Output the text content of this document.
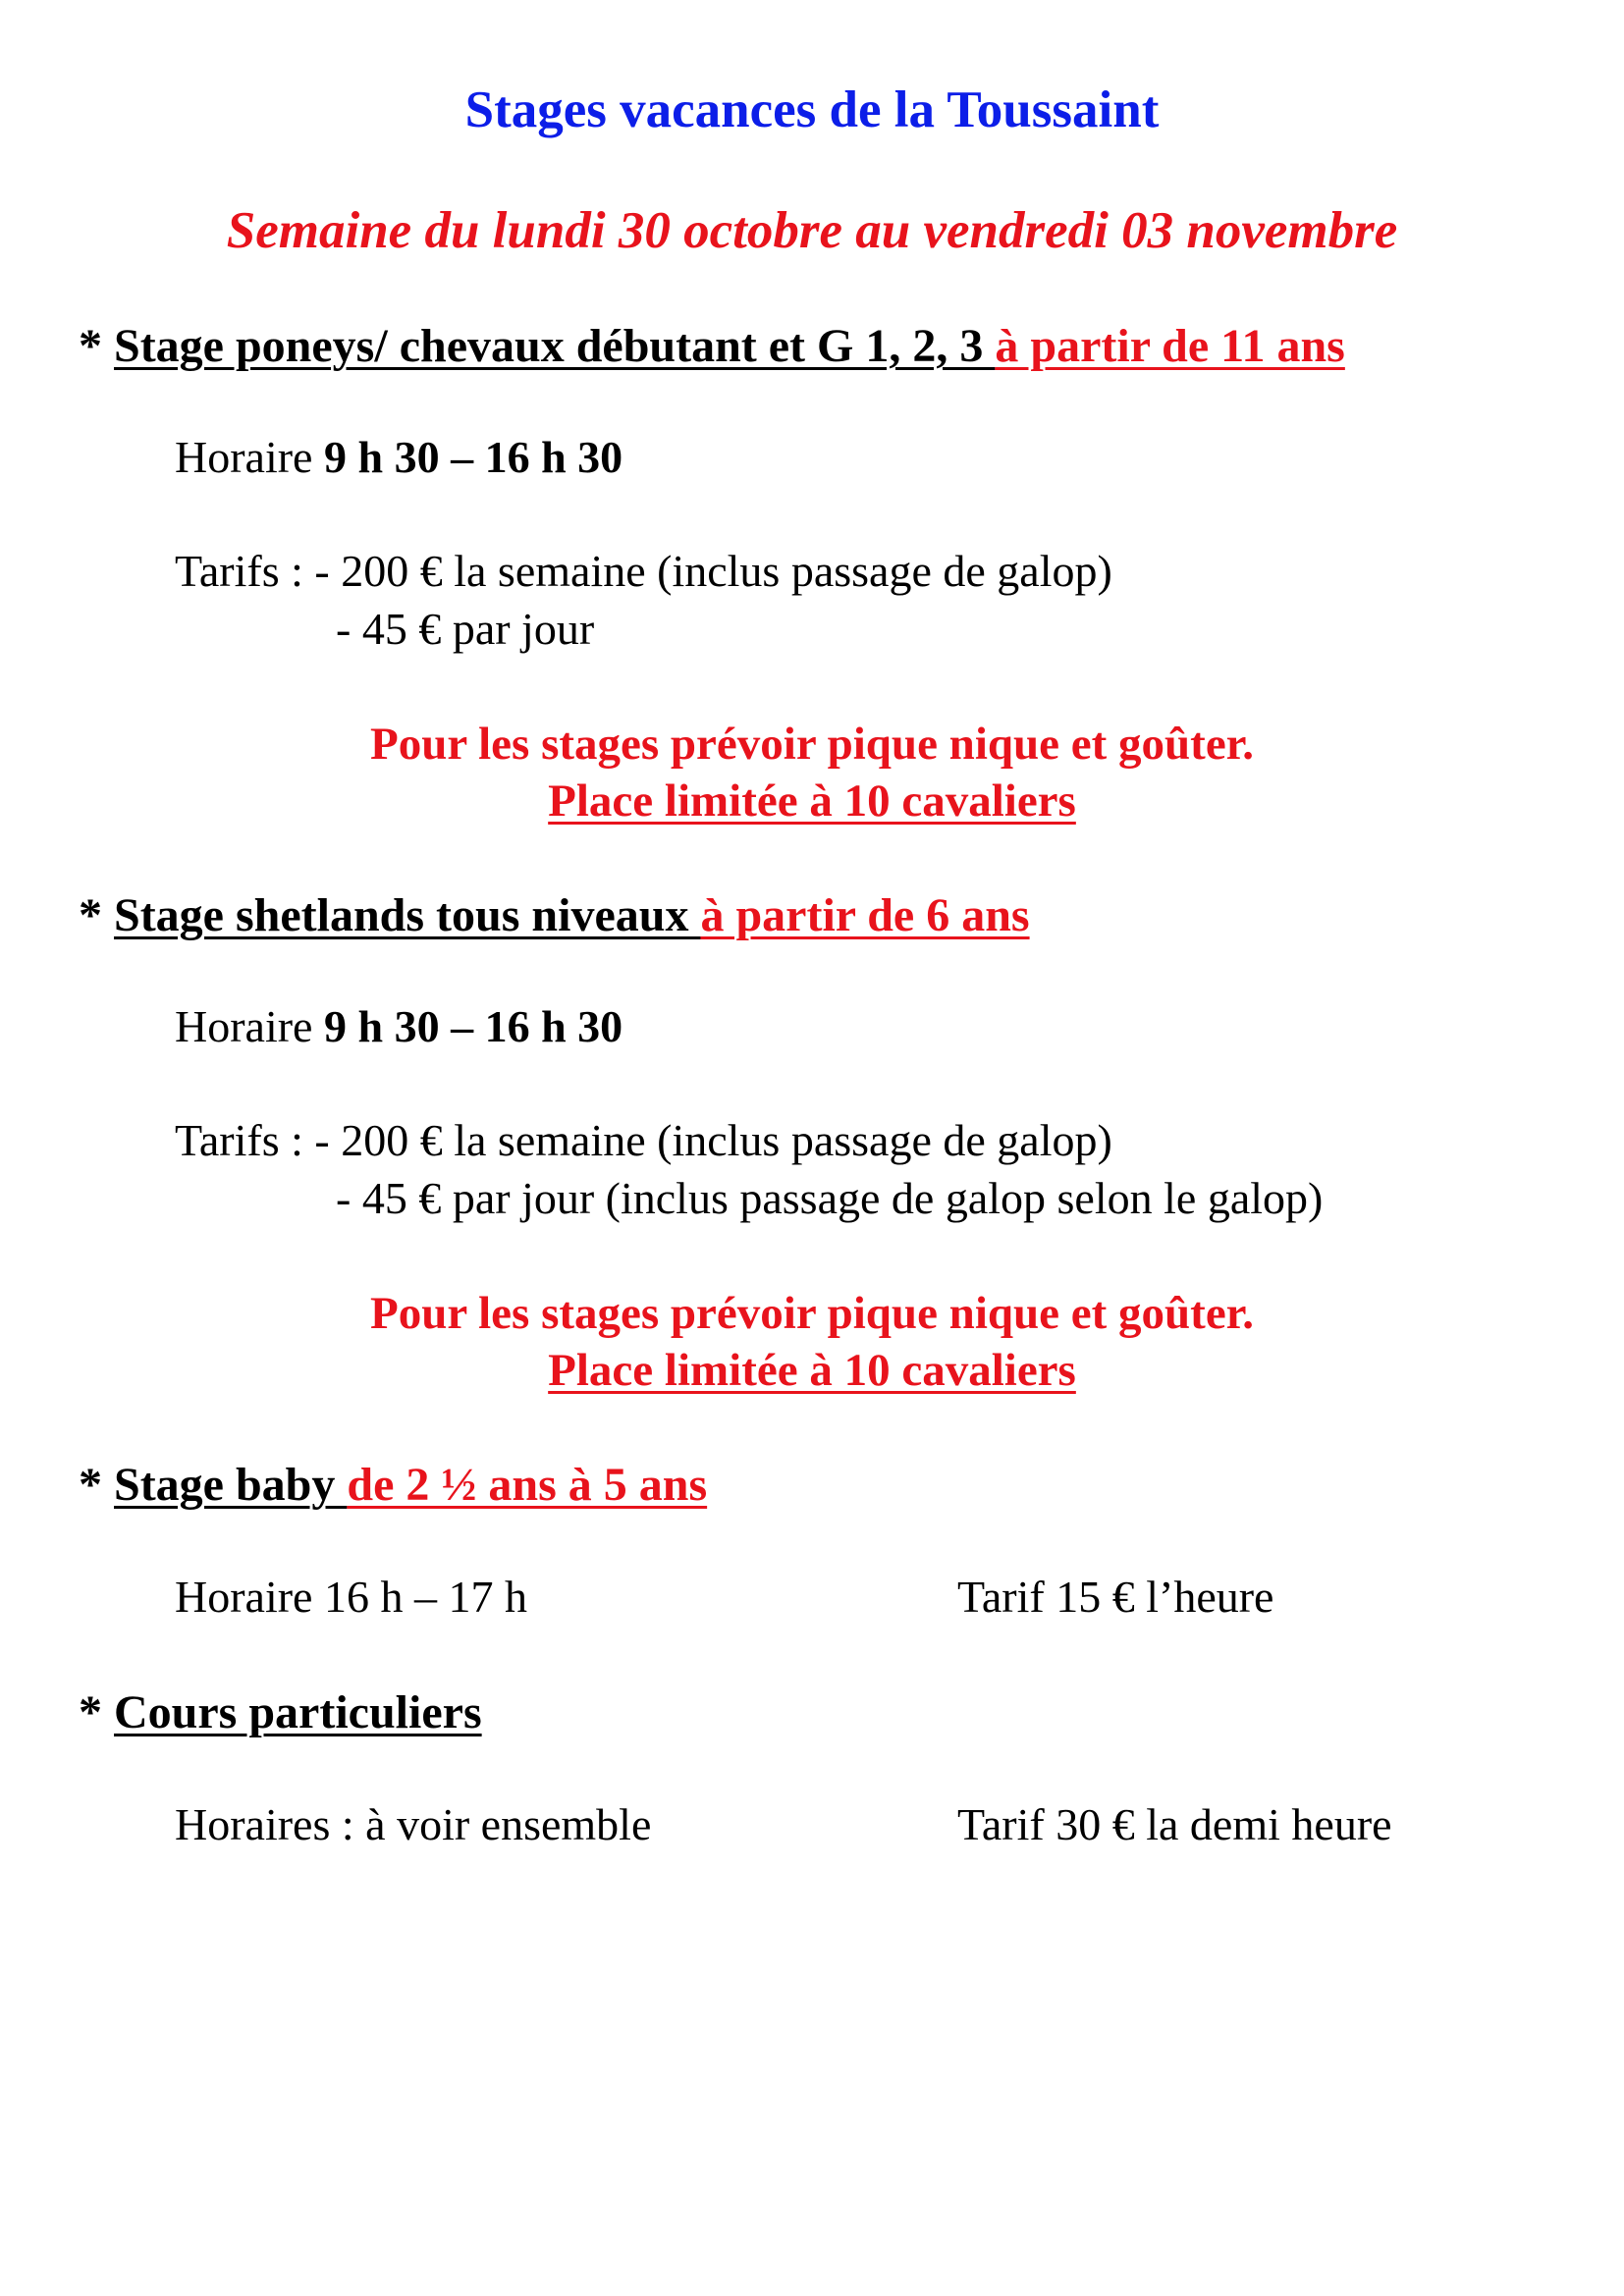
Stages vacances de la Toussaint
Semaine du lundi 30 octobre au vendredi 03 novembre
* Stage poneys/ chevaux débutant et G 1, 2, 3 à partir de 11 ans
Horaire 9 h 30 – 16 h 30
Tarifs : - 200 € la semaine (inclus passage de galop)
- 45 € par jour
Pour les stages prévoir pique nique et goûter.
Place limitée à 10 cavaliers
* Stage shetlands tous niveaux à partir de 6 ans
Horaire 9 h 30 – 16 h 30
Tarifs : - 200 € la semaine (inclus passage de galop)
- 45 € par jour (inclus passage de galop selon le galop)
Pour les stages prévoir pique nique et goûter.
Place limitée à 10 cavaliers
* Stage baby de 2 ½ ans à 5 ans
Horaire 16 h – 17 h	Tarif 15 € l’heure
* Cours particuliers
Horaires : à voir ensemble	Tarif 30 € la demi heure
